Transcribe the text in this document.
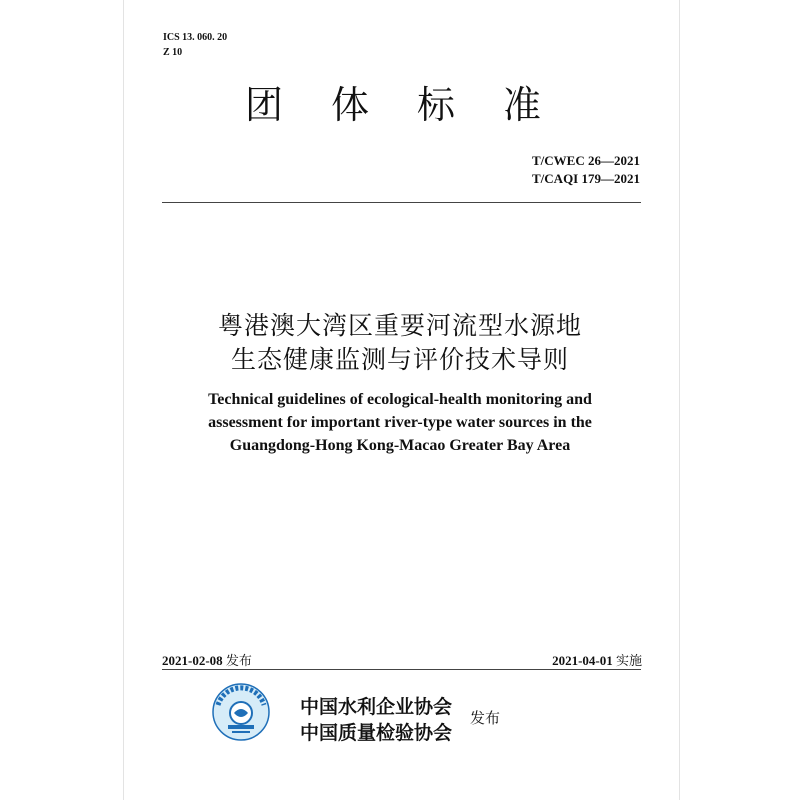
ICS 13. 060. 20
Z 10
团体标准
T/CWEC 26—2021
T/CAQI 179—2021
粤港澳大湾区重要河流型水源地
生态健康监测与评价技术导则
Technical guidelines of ecological-health monitoring and
assessment for important river-type water sources in the
Guangdong-Hong Kong-Macao Greater Bay Area
2021-02-08 发布	2021-04-01 实施
中国水利企业协会
中国质量检验协会
发布
